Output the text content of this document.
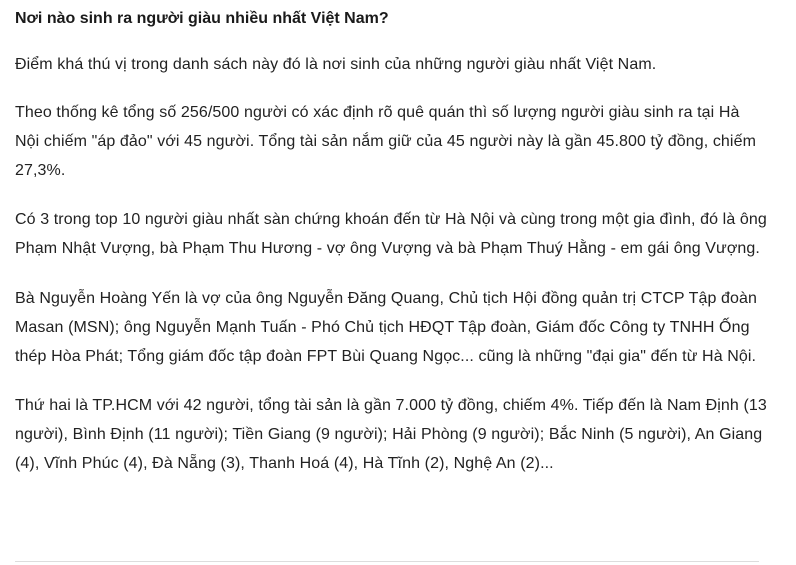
Nơi nào sinh ra người giàu nhiều nhất Việt Nam?

Điểm khá thú vị trong danh sách này đó là nơi sinh của những người giàu nhất Việt Nam.

Theo thống kê tổng số 256/500 người có xác định rõ quê quán thì số lượng người giàu sinh ra tại Hà Nội chiếm "áp đảo" với 45 người. Tổng tài sản nắm giữ của 45 người này là gần 45.800 tỷ đồng, chiếm 27,3%.

Có 3 trong top 10 người giàu nhất sàn chứng khoán đến từ Hà Nội và cùng trong một gia đình, đó là ông Phạm Nhật Vượng, bà Phạm Thu Hương - vợ ông Vượng và bà Phạm Thuý Hằng - em gái ông Vượng.

Bà Nguyễn Hoàng Yến là vợ của ông Nguyễn Đăng Quang, Chủ tịch Hội đồng quản trị CTCP Tập đoàn Masan (MSN); ông Nguyễn Mạnh Tuấn - Phó Chủ tịch HĐQT Tập đoàn, Giám đốc Công ty TNHH Ống thép Hòa Phát; Tổng giám đốc tập đoàn FPT Bùi Quang Ngọc... cũng là những "đại gia" đến từ Hà Nội.

Thứ hai là TP.HCM với 42 người, tổng tài sản là gần 7.000 tỷ đồng, chiếm 4%. Tiếp đến là Nam Định (13 người), Bình Định (11 người); Tiền Giang (9 người); Hải Phòng (9 người); Bắc Ninh (5 người), An Giang (4), Vĩnh Phúc (4), Đà Nẵng (3), Thanh Hoá (4), Hà Tĩnh (2), Nghệ An (2)...
